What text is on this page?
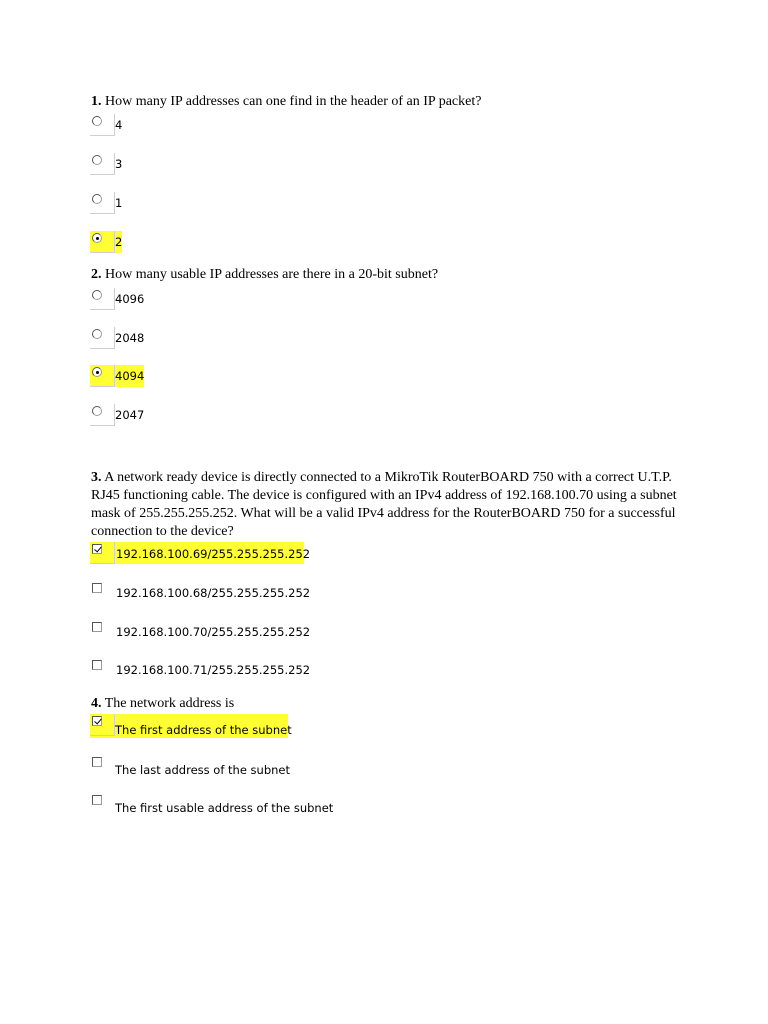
1. How many IP addresses can one find in the header of an IP packet?
4
3
1
2
2. How many usable IP addresses are there in a 20-bit subnet?
4096
2048
4094
2047
3. A network ready device is directly connected to a MikroTik RouterBOARD 750 with a correct U.T.P. RJ45 functioning cable. The device is configured with an IPv4 address of 192.168.100.70 using a subnet mask of 255.255.255.252. What will be a valid IPv4 address for the RouterBOARD 750 for a successful connection to the device?
192.168.100.69/255.255.255.252
192.168.100.68/255.255.255.252
192.168.100.70/255.255.255.252
192.168.100.71/255.255.255.252
4. The network address is
The first address of the subnet
The last address of the subnet
The first usable address of the subnet
